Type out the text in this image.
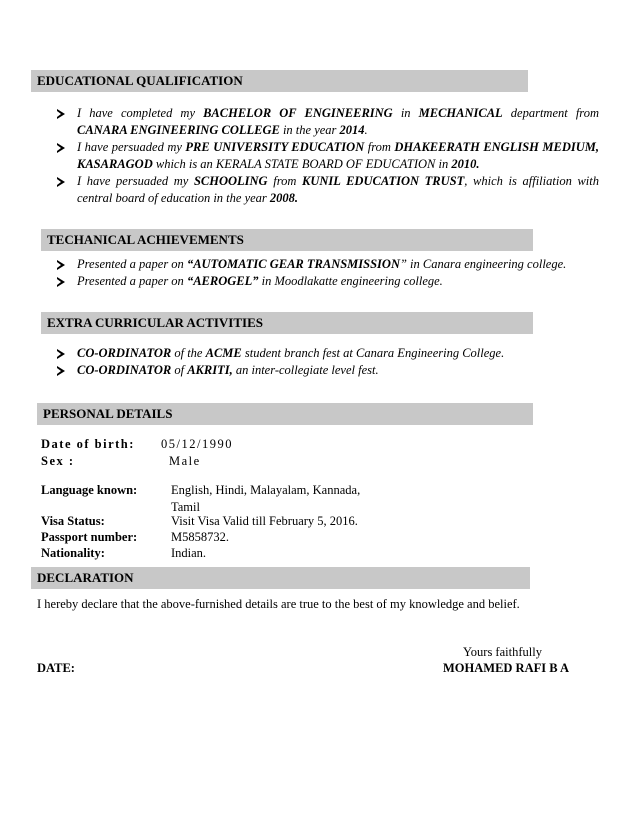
EDUCATIONAL QUALIFICATION
I have completed my BACHELOR OF ENGINEERING in MECHANICAL department from CANARA ENGINEERING COLLEGE in the year 2014.
I have persuaded my PRE UNIVERSITY EDUCATION from DHAKEERATH ENGLISH MEDIUM, KASARAGOD which is an KERALA STATE BOARD OF EDUCATION in 2010.
I have persuaded my SCHOOLING from KUNIL EDUCATION TRUST, which is affiliation with central board of education in the year 2008.
TECHANICAL ACHIEVEMENTS
Presented a paper on “AUTOMATIC GEAR TRANSMISSION” in Canara engineering college.
Presented a paper on “AEROGEL” in Moodlakatte engineering college.
EXTRA CURRICULAR ACTIVITIES
CO-ORDINATOR of the ACME student branch fest at Canara Engineering College.
CO-ORDINATOR of AKRITI, an inter-collegiate level fest.
PERSONAL DETAILS
Date of birth: 05/12/1990
Sex :	Male
Language known:	English, Hindi, Malayalam, Kannada,
Tamil
Visa Status:	Visit Visa Valid till February 5, 2016.
Passport number:	M5858732.
Nationality:	Indian.
DECLARATION
I hereby declare that the above-furnished details are true to the best of my knowledge and belief.
Yours faithfully
DATE:	MOHAMED RAFI B A
